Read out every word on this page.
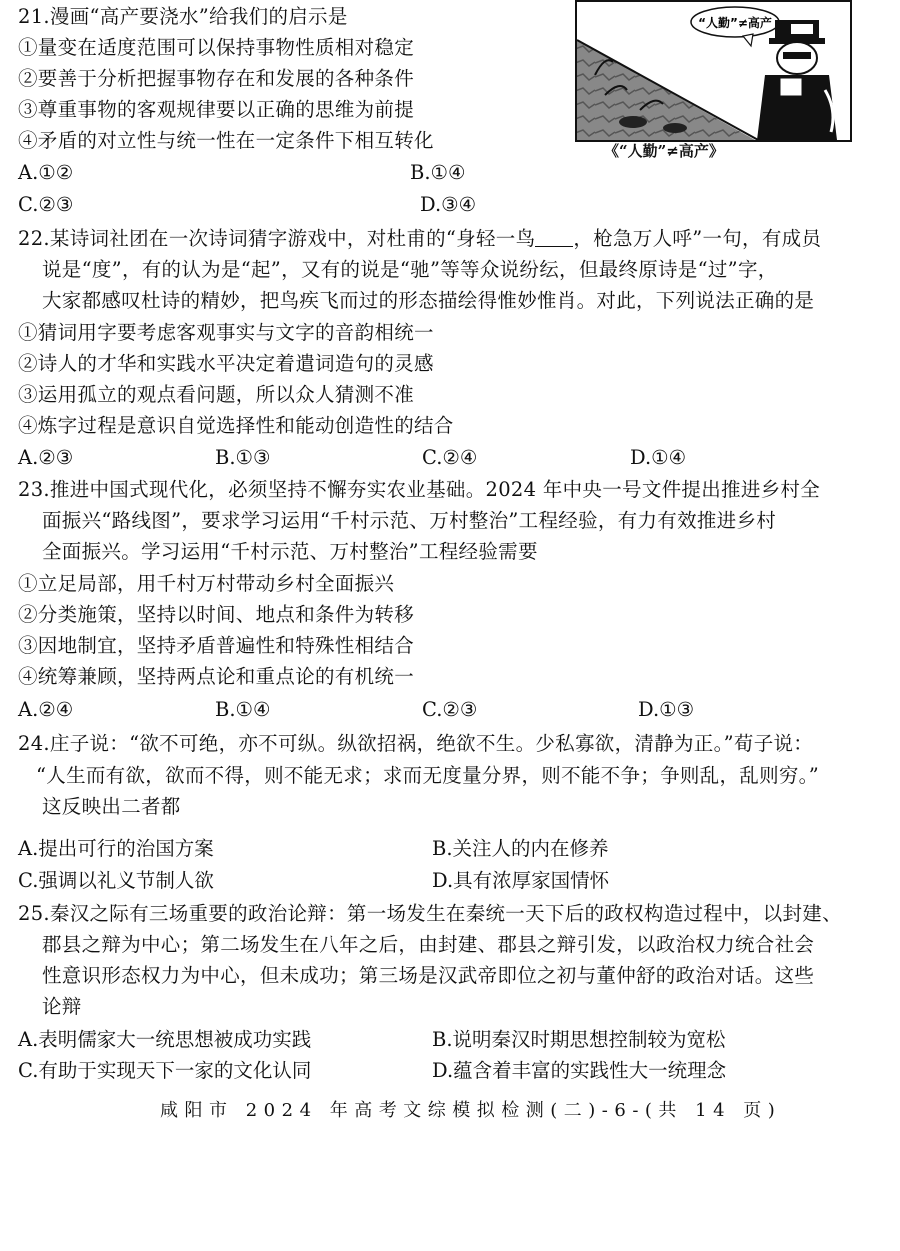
21.漫画“高产要浇水”给我们的启示是
①量变在适度范围可以保持事物性质相对稳定
②要善于分析把握事物存在和发展的各种条件
③尊重事物的客观规律要以正确的思维为前提
④矛盾的对立性与统一性在一定条件下相互转化
A.①②	B.①④
C.②③	D.③④
“人勤”≠高产
《“人勤”≠高产》
22.某诗词社团在一次诗词猜字游戏中，对杜甫的“身轻一鸟 ，枪急万人呼”一句，有成员
说是“度”，有的认为是“起”，又有的说是“驰”等等众说纷纭，但最终原诗是“过”字，
大家都感叹杜诗的精妙，把鸟疾飞而过的形态描绘得惟妙惟肖。对此，下列说法正确的是
①猜词用字要考虑客观事实与文字的音韵相统一
②诗人的才华和实践水平决定着遣词造句的灵感
③运用孤立的观点看问题，所以众人猜测不准
④炼字过程是意识自觉选择性和能动创造性的结合
A.②③	B.①③	C.②④	D.①④
23.推进中国式现代化，必须坚持不懈夯实农业基础。2024 年中央一号文件提出推进乡村全
面振兴“路线图”，要求学习运用“千村示范、万村整治”工程经验，有力有效推进乡村
全面振兴。学习运用“千村示范、万村整治”工程经验需要
①立足局部，用千村万村带动乡村全面振兴
②分类施策，坚持以时间、地点和条件为转移
③因地制宜，坚持矛盾普遍性和特殊性相结合
④统筹兼顾，坚持两点论和重点论的有机统一
A.②④	B.①④	C.②③	D.①③
24.庄子说：“欲不可绝，亦不可纵。纵欲招祸，绝欲不生。少私寡欲，清静为正。”荀子说：
“人生而有欲，欲而不得，则不能无求；求而无度量分界，则不能不争；争则乱，乱则穷。”
这反映出二者都
A.提出可行的治国方案	B.关注人的内在修养
C.强调以礼义节制人欲	D.具有浓厚家国情怀
25.秦汉之际有三场重要的政治论辩：第一场发生在秦统一天下后的政权构造过程中，以封建、
郡县之辩为中心；第二场发生在八年之后，由封建、郡县之辩引发，以政治权力统合社会
性意识形态权力为中心，但未成功；第三场是汉武帝即位之初与董仲舒的政治对话。这些
论辩
A.表明儒家大一统思想被成功实践	B.说明秦汉时期思想控制较为宽松
C.有助于实现天下一家的文化认同	D.蕴含着丰富的实践性大一统理念
咸阳市 2024 年高考文综模拟检测(二)-6-(共 14 页)
